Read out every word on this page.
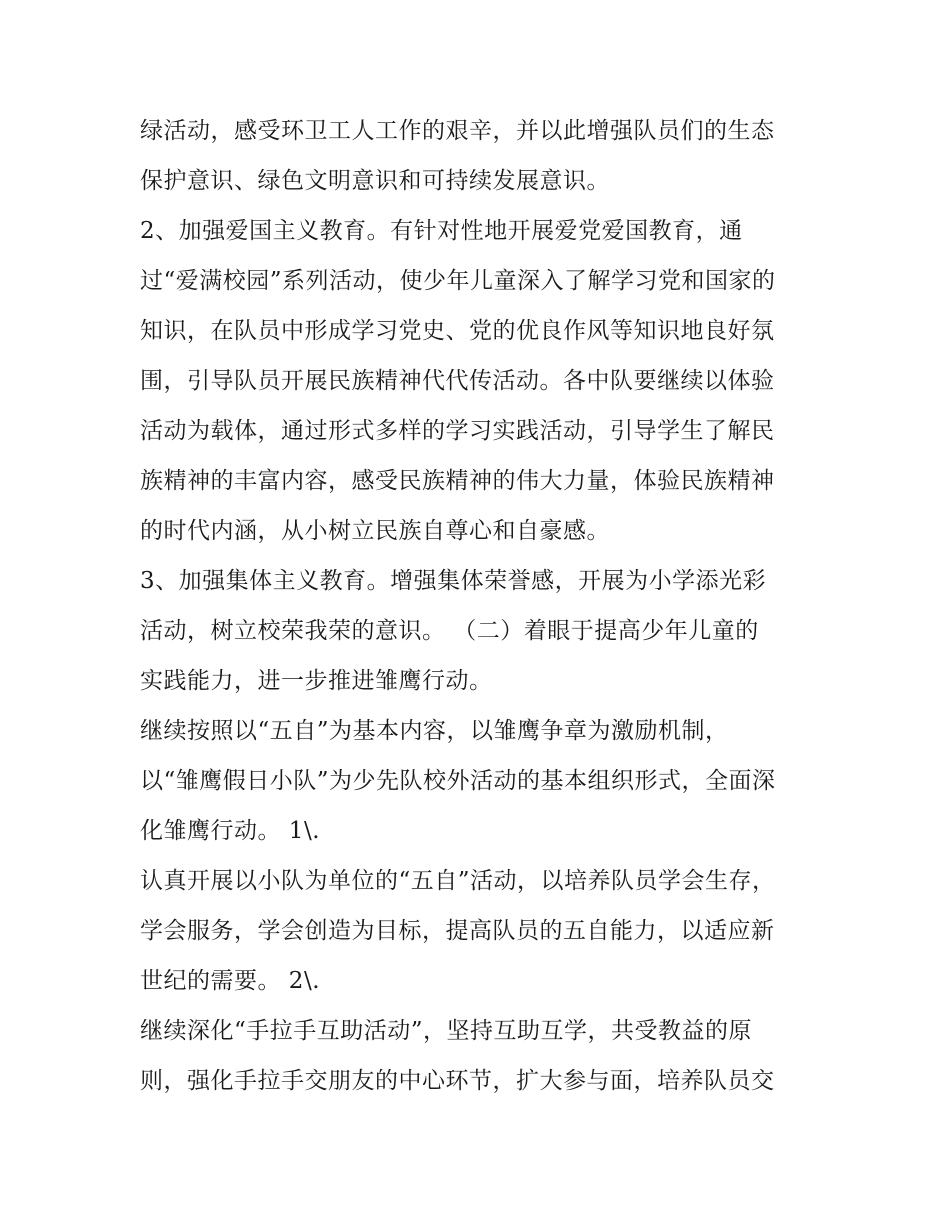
绿活动，感受环卫工人工作的艰辛，并以此增强队员们的生态
保护意识、绿色文明意识和可持续发展意识。
2、加强爱国主义教育。有针对性地开展爱党爱国教育，通
过“爱满校园”系列活动，使少年儿童深入了解学习党和国家的
知识，在队员中形成学习党史、党的优良作风等知识地良好氛
围，引导队员开展民族精神代代传活动。各中队要继续以体验
活动为载体，通过形式多样的学习实践活动，引导学生了解民
族精神的丰富内容，感受民族精神的伟大力量，体验民族精神
的时代内涵，从小树立民族自尊心和自豪感。
3、加强集体主义教育。增强集体荣誉感，开展为小学添光彩
活动，树立校荣我荣的意识。 （二）着眼于提高少年儿童的
实践能力，进一步推进雏鹰行动。
继续按照以“五自”为基本内容，以雏鹰争章为激励机制，
以“雏鹰假日小队”为少先队校外活动的基本组织形式，全面深
化雏鹰行动。 1\.
认真开展以小队为单位的“五自”活动，以培养队员学会生存，
学会服务，学会创造为目标，提高队员的五自能力，以适应新
世纪的需要。 2\.
继续深化“手拉手互助活动”，坚持互助互学，共受教益的原
则，强化手拉手交朋友的中心环节，扩大参与面，培养队员交
